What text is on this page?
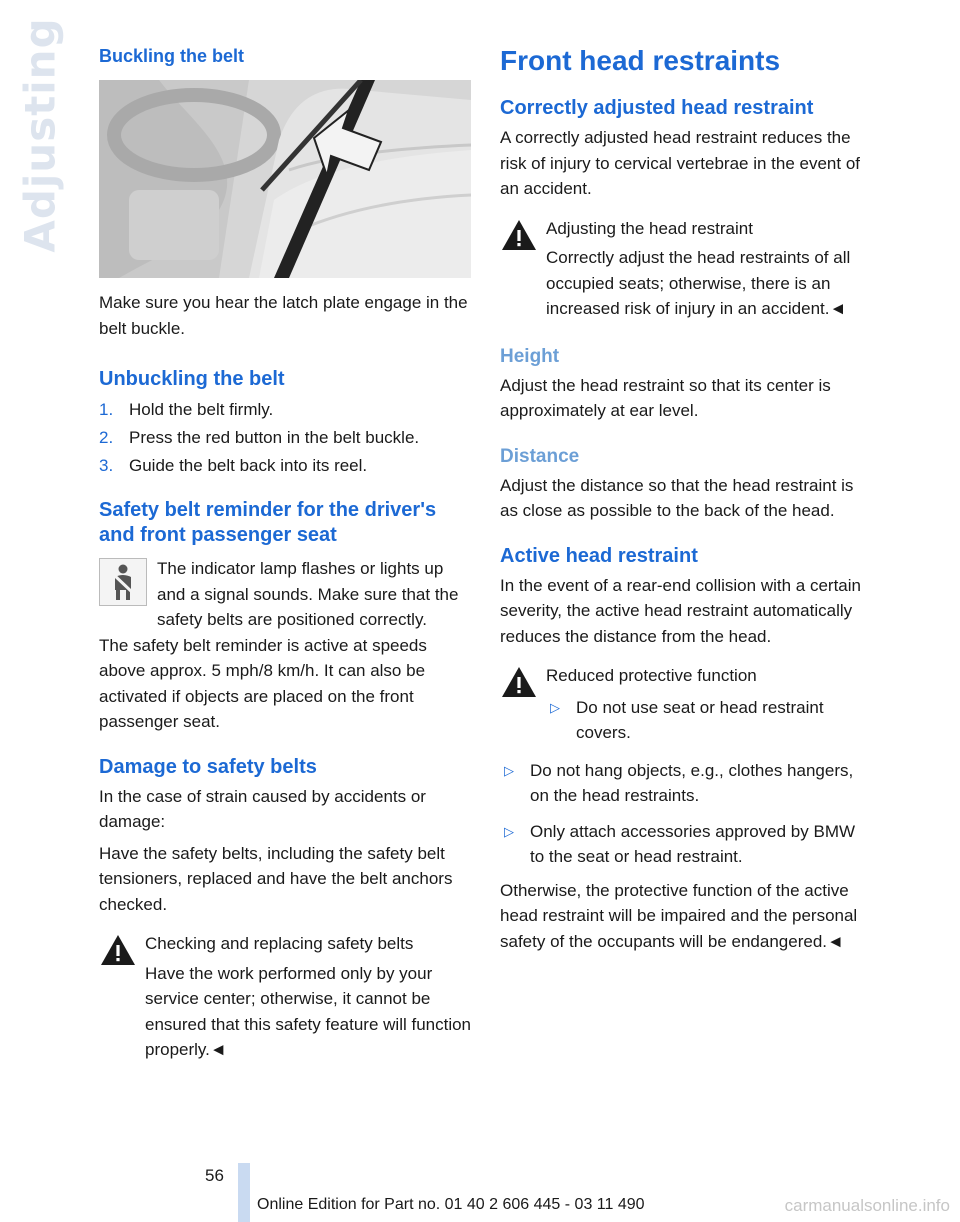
Adjusting Buckling the belt

Make sure you hear the latch plate engage in the belt buckle.

Unbuckling the belt
1. Hold the belt firmly.
2. Press the red button in the belt buckle.
3. Guide the belt back into its reel.
Safety belt reminder for the driver's and front passenger seat

The indicator lamp flashes or lights up and a signal sounds. Make sure that the safety belts are positioned correctly.

The safety belt reminder is active at speeds above approx. 5 mph/8 km/h. It can also be activated if objects are placed on the front passenger seat.

Damage to safety belts

In the case of strain caused by accidents or damage:

Have the safety belts, including the safety belt tensioners, replaced and have the belt anchors checked.

Checking and replacing safety belts

Have the work performed only by your service center; otherwise, it cannot be ensured that this safety feature will function properly.◄

Front head restraints
Correctly adjusted head restraint

A correctly adjusted head restraint reduces the risk of injury to cervical vertebrae in the event of an accident.

Adjusting the head restraint

Correctly adjust the head restraints of all occupied seats; otherwise, there is an increased risk of injury in an accident.◄

Height

Adjust the head restraint so that its center is approximately at ear level.

Distance

Adjust the distance so that the head restraint is as close as possible to the back of the head.

Active head restraint

In the event of a rear-end collision with a certain severity, the active head restraint automatically reduces the distance from the head.

Reduced protective function

▷ Do not use seat or head restraint covers.
▷ Do not hang objects, e.g., clothes hangers, on the head restraints.
▷ Only attach accessories approved by BMW to the seat or head restraint.

Otherwise, the protective function of the active head restraint will be impaired and the personal safety of the occupants will be endangered.◄

56
Online Edition for Part no. 01 40 2 606 445 - 03 11 490	carmanualsonline.info
